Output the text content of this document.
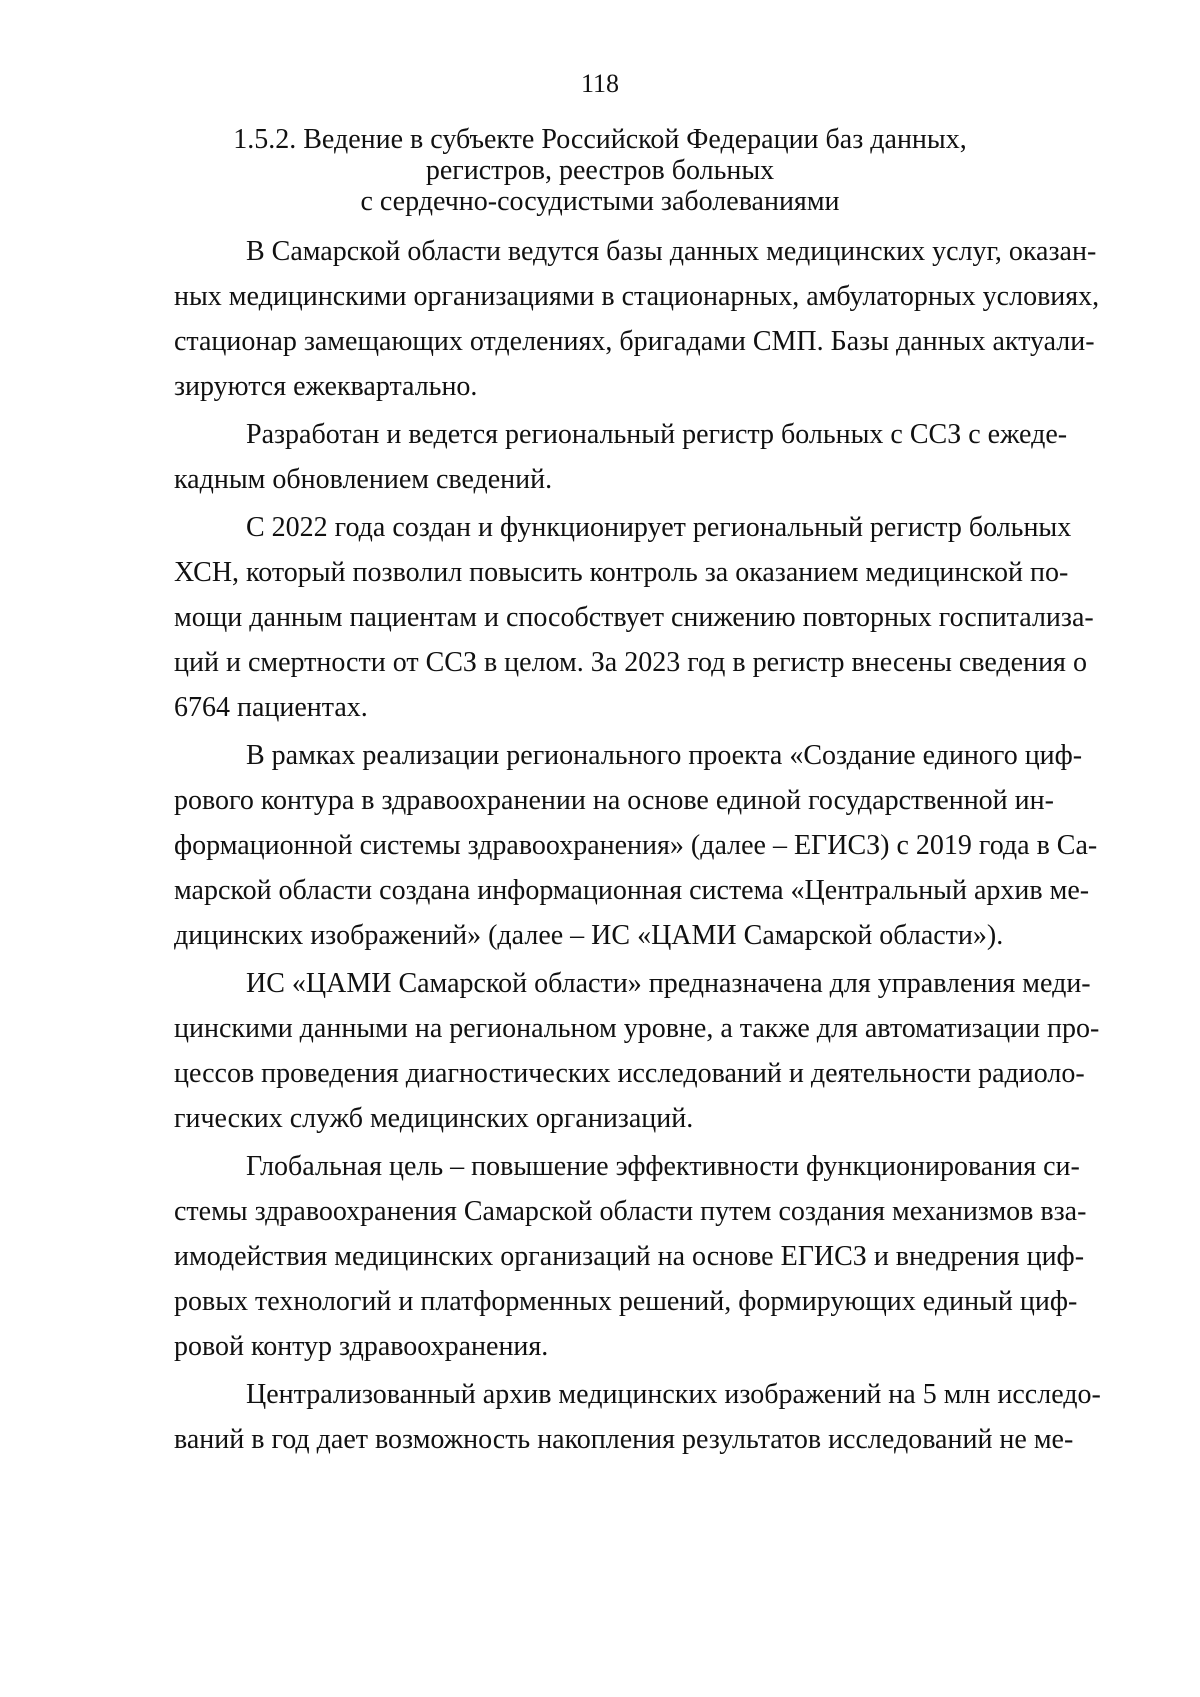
118
1.5.2. Ведение в субъекте Российской Федерации баз данных,
регистров, реестров больных
с сердечно-сосудистыми заболеваниями
В Самарской области ведутся базы данных медицинских услуг, оказан-
ных медицинскими организациями в стационарных, амбулаторных условиях,
стационар замещающих отделениях, бригадами СМП. Базы данных актуали-
зируются ежеквартально.
Разработан и ведется региональный регистр больных с ССЗ с ежеде-
кадным обновлением сведений.
С 2022 года создан и функционирует региональный регистр больных
ХСН, который позволил повысить контроль за оказанием медицинской по-
мощи данным пациентам и способствует снижению повторных госпитализа-
ций и смертности от ССЗ в целом. За 2023 год в регистр внесены сведения о
6764 пациентах.
В рамках реализации регионального проекта «Создание единого циф-
рового контура в здравоохранении на основе единой государственной ин-
формационной системы здравоохранения» (далее – ЕГИСЗ) с 2019 года в Са-
марской области создана информационная система «Центральный архив ме-
дицинских изображений» (далее – ИС «ЦАМИ Самарской области»).
ИС «ЦАМИ Самарской области» предназначена для управления меди-
цинскими данными на региональном уровне, а также для автоматизации про-
цессов проведения диагностических исследований и деятельности радиоло-
гических служб медицинских организаций.
Глобальная цель – повышение эффективности функционирования си-
стемы здравоохранения Самарской области путем создания механизмов вза-
имодействия медицинских организаций на основе ЕГИСЗ и внедрения циф-
ровых технологий и платформенных решений, формирующих единый циф-
ровой контур здравоохранения.
Централизованный архив медицинских изображений на 5 млн исследо-
ваний в год дает возможность накопления результатов исследований не ме-
